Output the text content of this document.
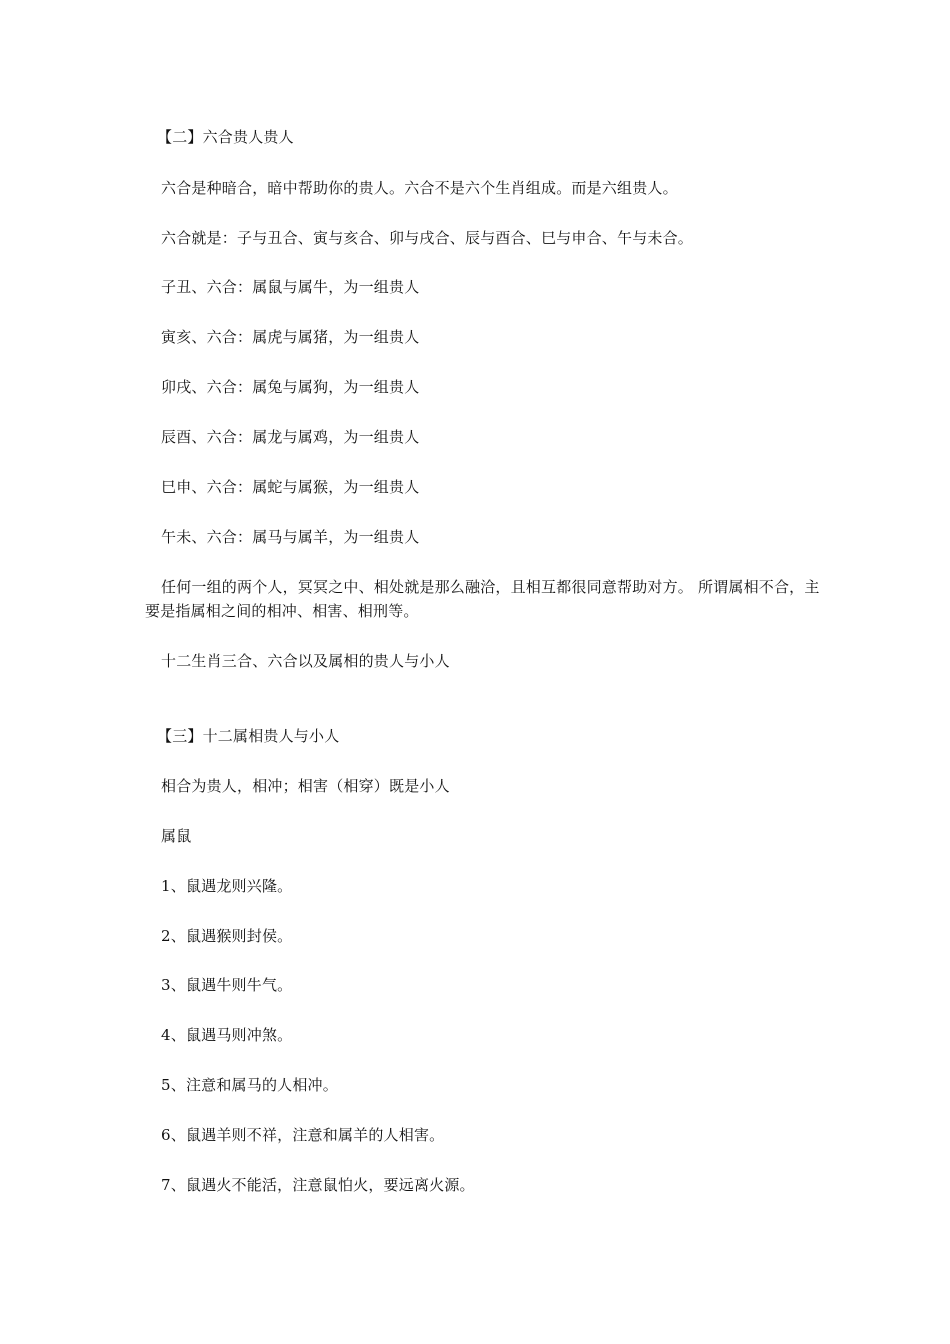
【二】六合贵人贵人
六合是种暗合，暗中帮助你的贵人。六合不是六个生肖组成。而是六组贵人。
六合就是：子与丑合、寅与亥合、卯与戌合、辰与酉合、巳与申合、午与未合。
子丑、六合：属鼠与属牛，为一组贵人
寅亥、六合：属虎与属猪，为一组贵人
卯戌、六合：属兔与属狗，为一组贵人
辰酉、六合：属龙与属鸡，为一组贵人
巳申、六合：属蛇与属猴，为一组贵人
午未、六合：属马与属羊，为一组贵人
任何一组的两个人，冥冥之中、相处就是那么融洽，且相互都很同意帮助对方。 所谓属相不合，主要是指属相之间的相冲、相害、相刑等。
十二生肖三合、六合以及属相的贵人与小人
【三】十二属相贵人与小人
相合为贵人，相冲；相害（相穿）既是小人
属鼠
1、鼠遇龙则兴隆。
2、鼠遇猴则封侯。
3、鼠遇牛则牛气。
4、鼠遇马则冲煞。
5、注意和属马的人相冲。
6、鼠遇羊则不祥，注意和属羊的人相害。
7、鼠遇火不能活，注意鼠怕火，要远离火源。
